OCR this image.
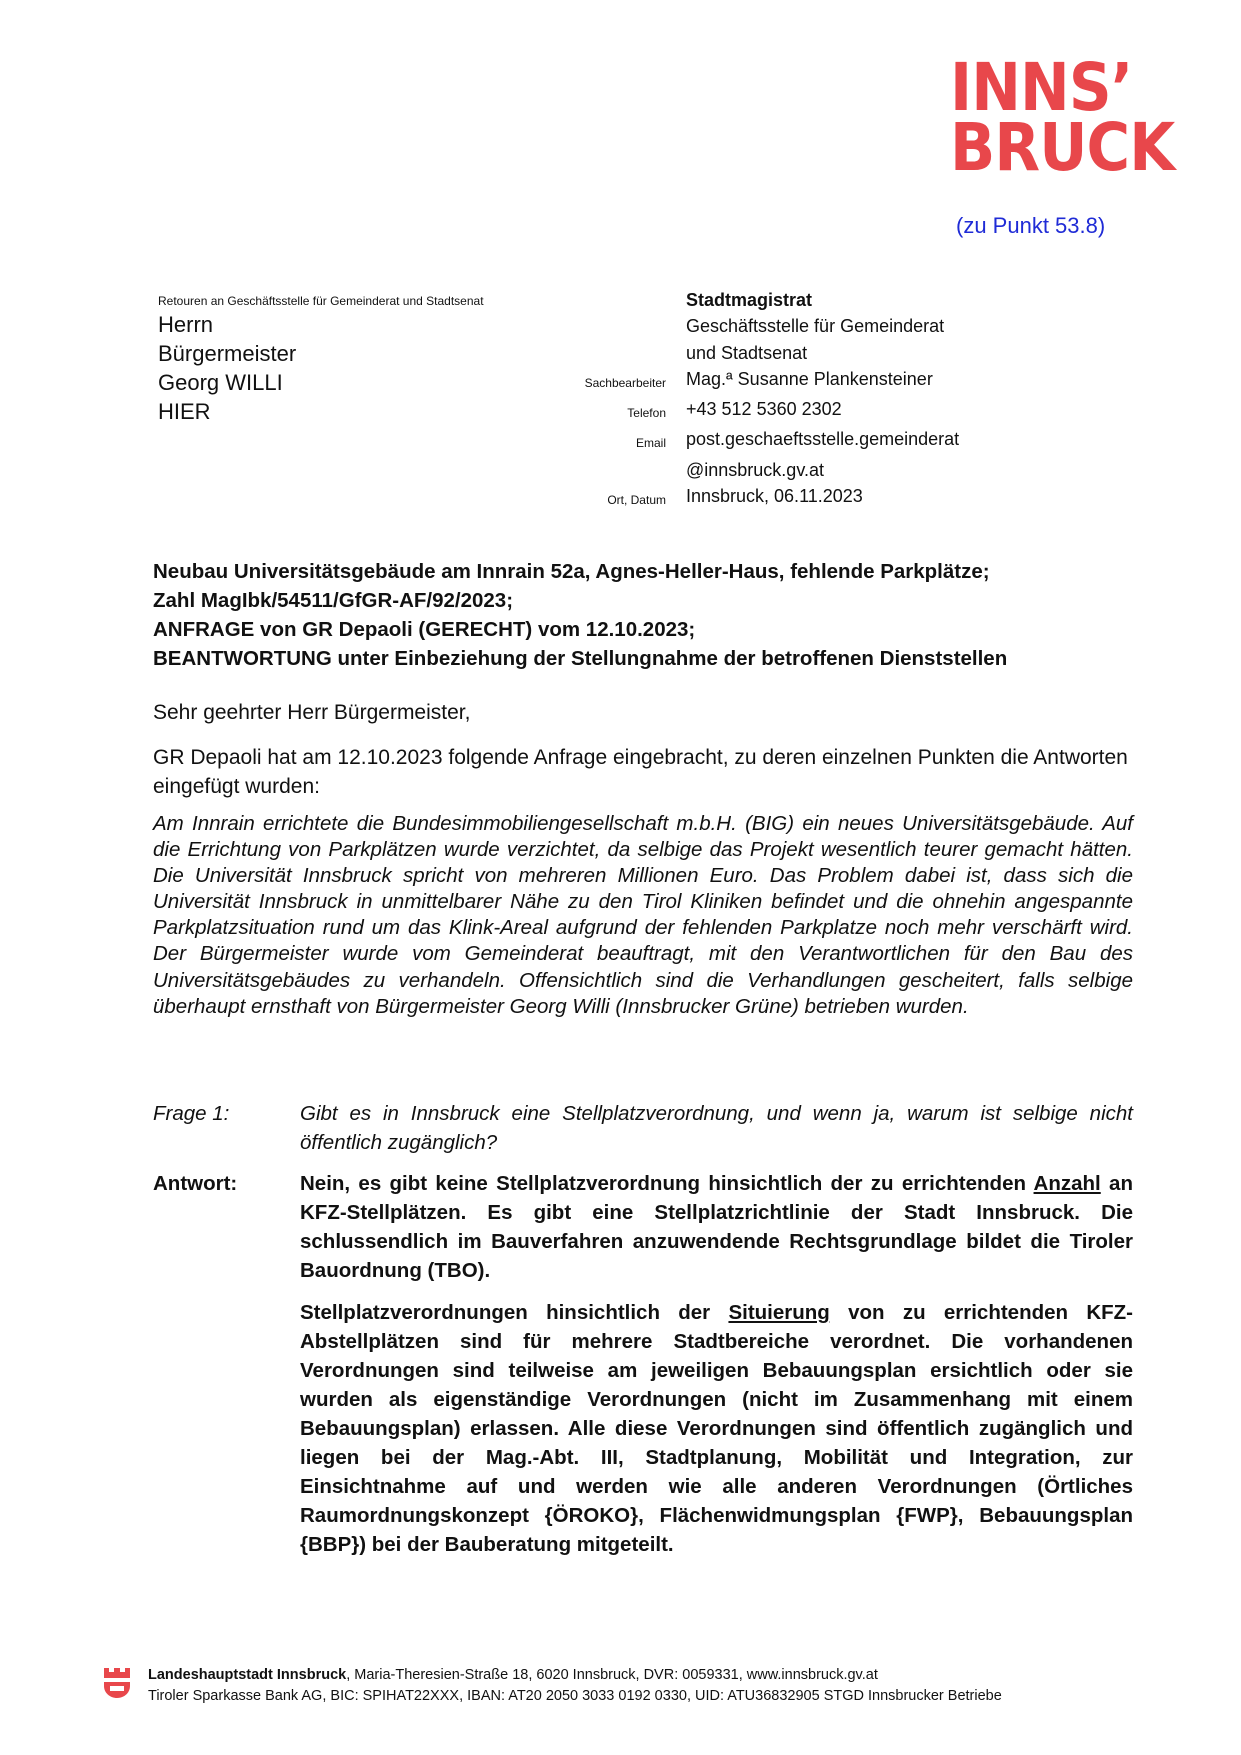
INNS’
BRUCK
(zu Punkt 53.8)
Retouren an Geschäftsstelle für Gemeinderat und Stadtsenat
Herrn
Bürgermeister
Georg WILLI
HIER
Stadtmagistrat
Geschäftsstelle für Gemeinderat
und Stadtsenat
Sachbearbeiter	Mag.ª Susanne Plankensteiner
Telefon	+43 512 5360 2302
Email	post.geschaeftsstelle.gemeinderat
@innsbruck.gv.at
Ort, Datum	Innsbruck, 06.11.2023
Neubau Universitätsgebäude am Innrain 52a, Agnes-Heller-Haus, fehlende Parkplätze;
Zahl MagIbk/54511/GfGR-AF/92/2023;
ANFRAGE von GR Depaoli (GERECHT) vom 12.10.2023;
BEANTWORTUNG unter Einbeziehung der Stellungnahme der betroffenen Dienststellen
Sehr geehrter Herr Bürgermeister,
GR Depaoli hat am 12.10.2023 folgende Anfrage eingebracht, zu deren einzelnen Punkten die Antworten eingefügt wurden:
Am Innrain errichtete die Bundesimmobiliengesellschaft m.b.H. (BIG) ein neues Universitätsgebäude. Auf die Errichtung von Parkplätzen wurde verzichtet, da selbige das Projekt wesentlich teurer gemacht hätten. Die Universität Innsbruck spricht von mehreren Millionen Euro. Das Problem dabei ist, dass sich die Universität Innsbruck in unmittelbarer Nähe zu den Tirol Kliniken befindet und die ohnehin angespannte Parkplatzsituation rund um das Klink-Areal aufgrund der fehlenden Parkplatze noch mehr verschärft wird. Der Bürgermeister wurde vom Gemeinderat beauftragt, mit den Verantwortlichen für den Bau des Universitätsgebäudes zu verhandeln. Offensichtlich sind die Verhandlungen gescheitert, falls selbige überhaupt ernsthaft von Bürgermeister Georg Willi (Innsbrucker Grüne) betrieben wurden.
Frage 1:	Gibt es in Innsbruck eine Stellplatzverordnung, und wenn ja, warum ist selbige nicht öffentlich zugänglich?
Antwort:	Nein, es gibt keine Stellplatzverordnung hinsichtlich der zu errichtenden Anzahl an KFZ-Stellplätzen. Es gibt eine Stellplatzrichtlinie der Stadt Innsbruck. Die schlussendlich im Bauverfahren anzuwendende Rechtsgrundlage bildet die Tiroler Bauordnung (TBO).
Stellplatzverordnungen hinsichtlich der Situierung von zu errichtenden KFZ-Abstellplätzen sind für mehrere Stadtbereiche verordnet. Die vorhandenen Verordnungen sind teilweise am jeweiligen Bebauungsplan ersichtlich oder sie wurden als eigenständige Verordnungen (nicht im Zusammenhang mit einem Bebauungsplan) erlassen. Alle diese Verordnungen sind öffentlich zugänglich und liegen bei der Mag.-Abt. III, Stadtplanung, Mobilität und Integration, zur Einsichtnahme auf und werden wie alle anderen Verordnungen (Örtliches Raumordnungskonzept {ÖROKO}, Flächenwidmungsplan {FWP}, Bebauungsplan {BBP}) bei der Bauberatung mitgeteilt.
Landeshauptstadt Innsbruck, Maria-Theresien-Straße 18, 6020 Innsbruck, DVR: 0059331, www.innsbruck.gv.at
Tiroler Sparkasse Bank AG, BIC: SPIHAT22XXX, IBAN: AT20 2050 3033 0192 0330, UID: ATU36832905 STGD Innsbrucker Betriebe
